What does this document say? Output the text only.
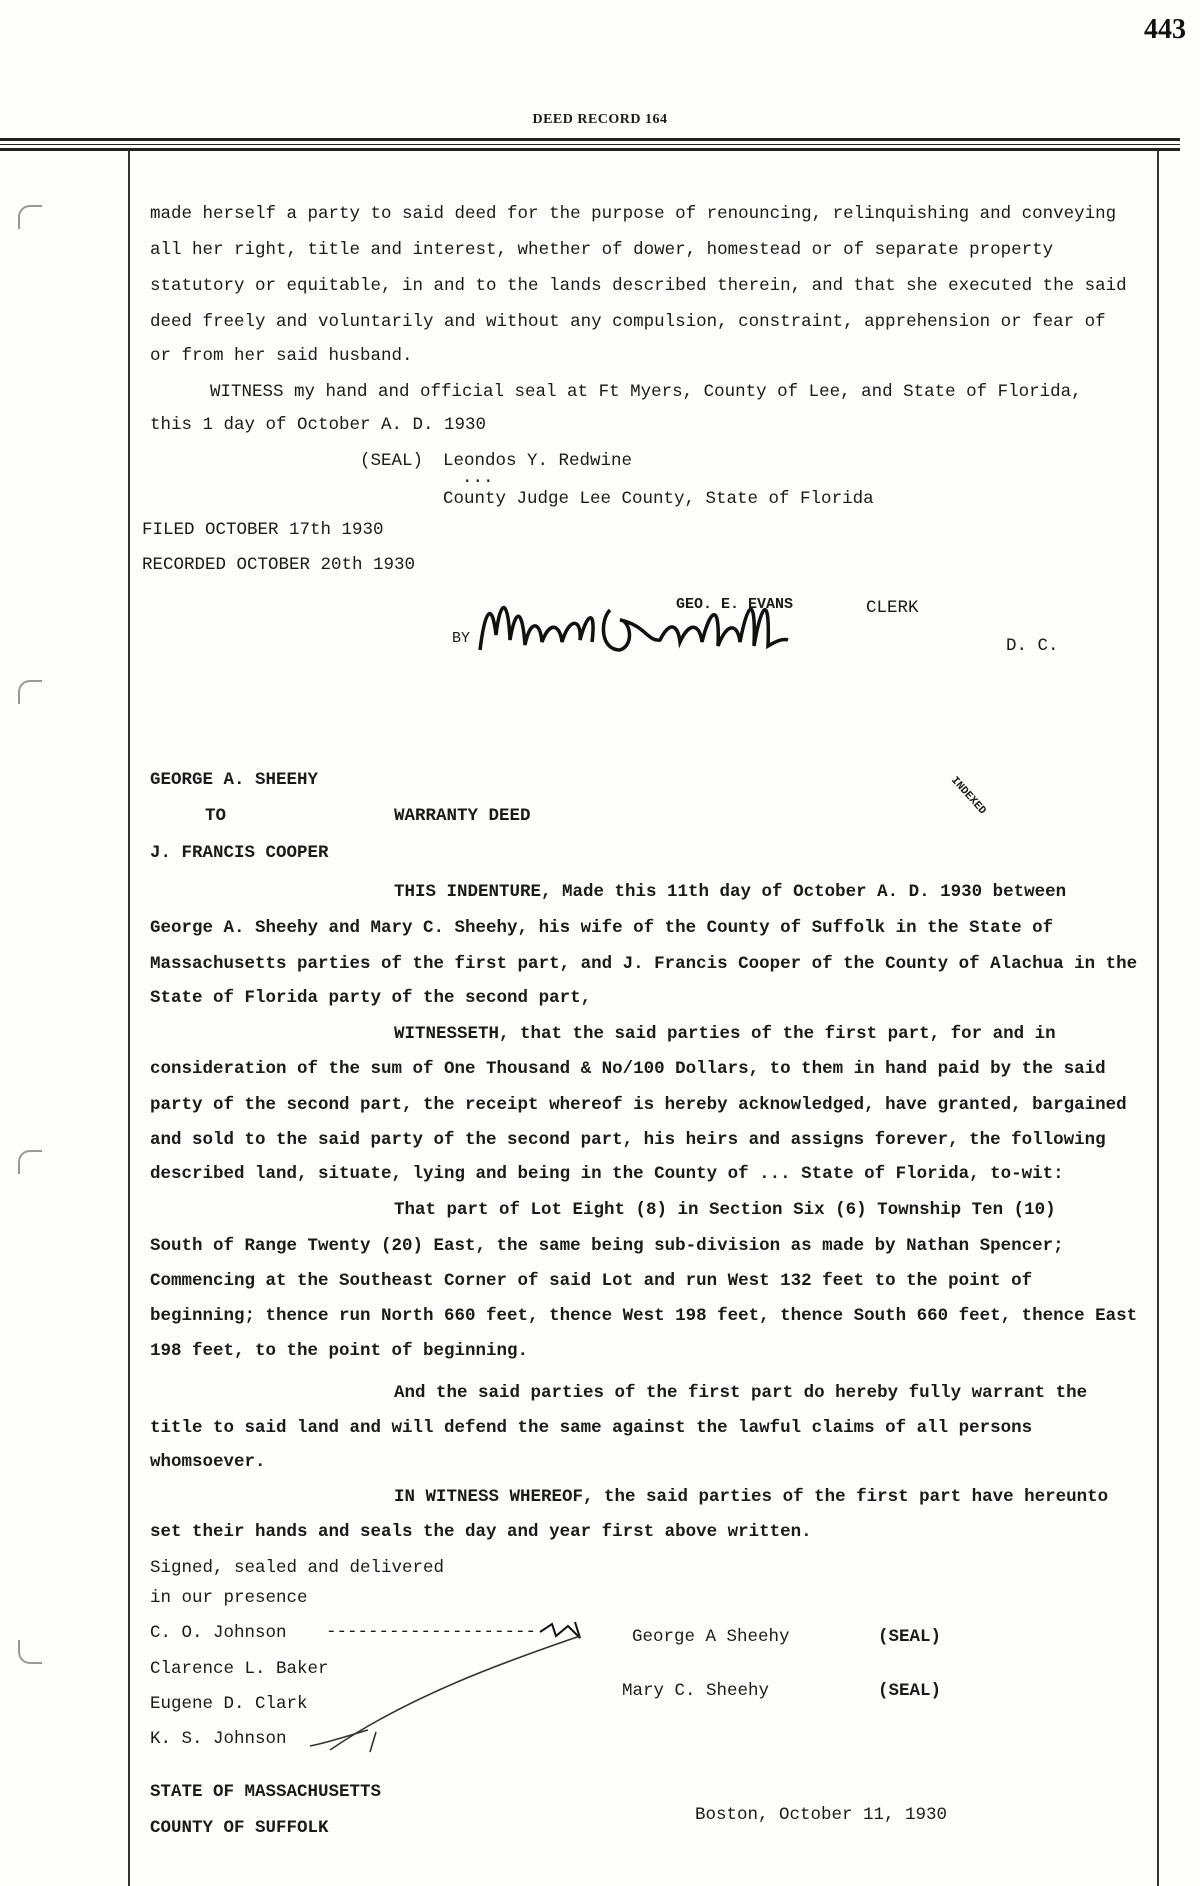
443
DEED RECORD 164
made herself a party to said deed for the purpose of renouncing, relinquishing and conveying
all her right, title and interest, whether of dower, homestead or of separate property
statutory or equitable, in and to the lands described therein, and that she executed the said
deed freely and voluntarily and without any compulsion, constraint, apprehension or fear of
or from her said husband.
WITNESS my hand and official seal at Ft Myers, County of Lee, and State of Florida,
this 1 day of October A. D. 1930
(SEAL) Leondos Y. Redwine
...
County Judge Lee County, State of Florida
FILED OCTOBER 17th 1930
RECORDED OCTOBER 20th 1930
GEO. E. EVANS	CLERK
BY	D. C.
INDEXED
GEORGE A. SHEEHY
TO	WARRANTY DEED
J. FRANCIS COOPER
THIS INDENTURE, Made this 11th day of October A. D. 1930 between
George A. Sheehy and Mary C. Sheehy, his wife of the County of Suffolk in the State of
Massachusetts parties of the first part, and J. Francis Cooper of the County of Alachua in the
State of Florida party of the second part,
WITNESSETH, that the said parties of the first part, for and in
consideration of the sum of One Thousand & No/100 Dollars, to them in hand paid by the said
party of the second part, the receipt whereof is hereby acknowledged, have granted, bargained
and sold to the said party of the second part, his heirs and assigns forever, the following
described land, situate, lying and being in the County of ... State of Florida, to-wit:
That part of Lot Eight (8) in Section Six (6) Township Ten (10)
South of Range Twenty (20) East, the same being sub-division as made by Nathan Spencer;
Commencing at the Southeast Corner of said Lot and run West 132 feet to the point of
beginning; thence run North 660 feet, thence West 198 feet, thence South 660 feet, thence East
198 feet, to the point of beginning.
And the said parties of the first part do hereby fully warrant the
title to said land and will defend the same against the lawful claims of all persons
whomsoever.
IN WITNESS WHEREOF, the said parties of the first part have hereunto
set their hands and seals the day and year first above written.
Signed, sealed and delivered
in our presence
C. O. Johnson
Clarence L. Baker
Eugene D. Clark
K. S. Johnson
--------------------	George A Sheehy	(SEAL)
Mary C. Sheehy	(SEAL)
STATE OF MASSACHUSETTS
COUNTY OF SUFFOLK
Boston, October 11, 1930
